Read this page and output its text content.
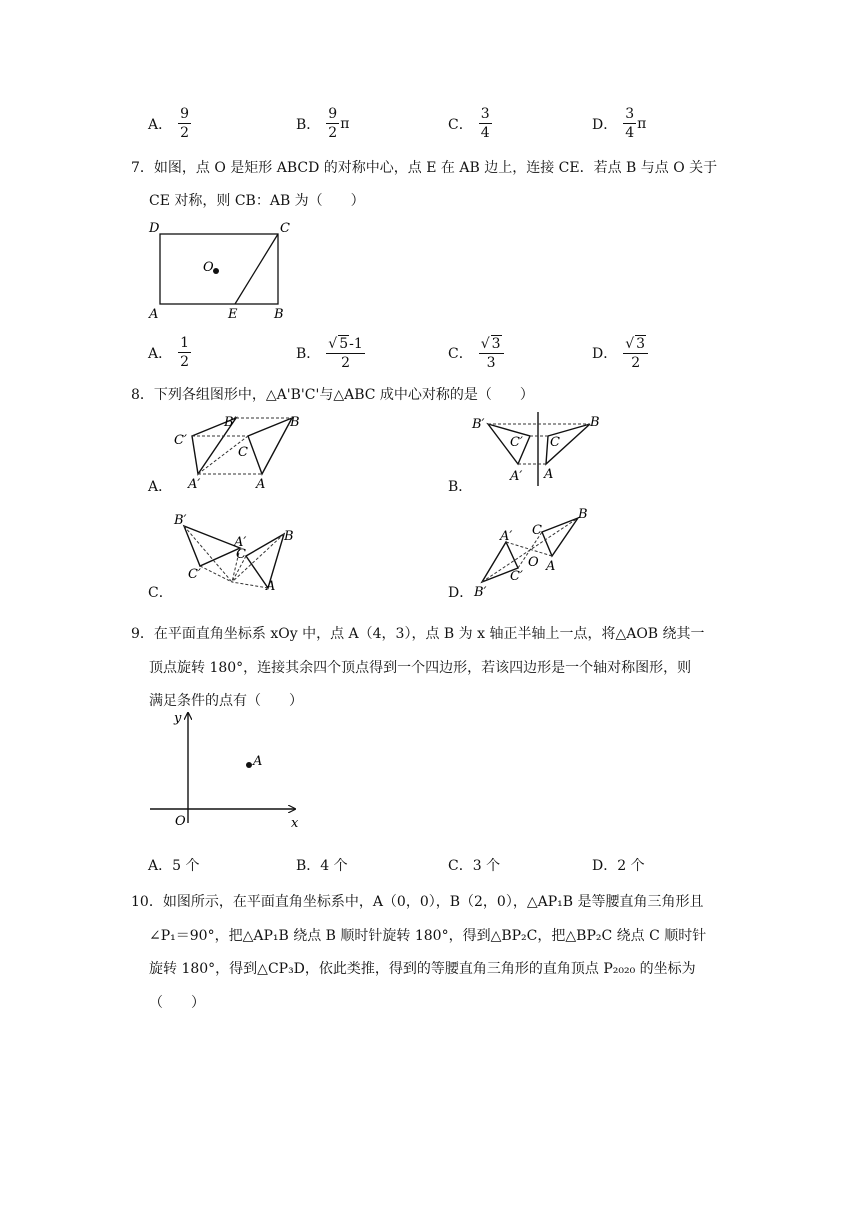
A． $\frac{9}{2}$	B． $\frac{9}{2}$ π	C． $\frac{3}{4}$	D． $\frac{3}{4}$ π
7．如图，点 O 是矩形 ABCD 的对称中心，点 E 在 AB 边上，连接 CE．若点 B 与点 O 关于
CE 对称，则 CB：AB 为（　　）
D	C
O
A	E	B
A． $\frac{1}{2}$	B． $\frac{√ 5-1}{2}$	C． $\frac{√ 3}{3}$	D． $\frac{√ 3}{2}$
8．下列各组图形中，△A'B'C'与△ABC 成中心对称的是（　　）
A．
C′
B′
C
B
A′	A	B．
B′
C′ C
B
A′ A
C．
B′
A′
C
B
C′
A	D．
A′ C
B
O
C′
A
B′
9．在平面直角坐标系 xOy 中，点 A（4，3），点 B 为 x 轴正半轴上一点，将△AOB 绕其一
顶点旋转 180°，连接其余四个顶点得到一个四边形，若该四边形是一个轴对称图形，则
满足条件的点有（　　）
y
x
O
A
A．5 个	B．4 个	C．3 个	D．2 个
10．如图所示，在平面直角坐标系中，A（0，0），B（2，0），△AP₁B 是等腰直角三角形且
∠P₁＝90°，把△AP₁B 绕点 B 顺时针旋转 180°，得到△BP₂C，把△BP₂C 绕点 C 顺时针
旋转 180°，得到△CP₃D，依此类推，得到的等腰直角三角形的直角顶点 P₂₀₂₀ 的坐标为
（　　）
